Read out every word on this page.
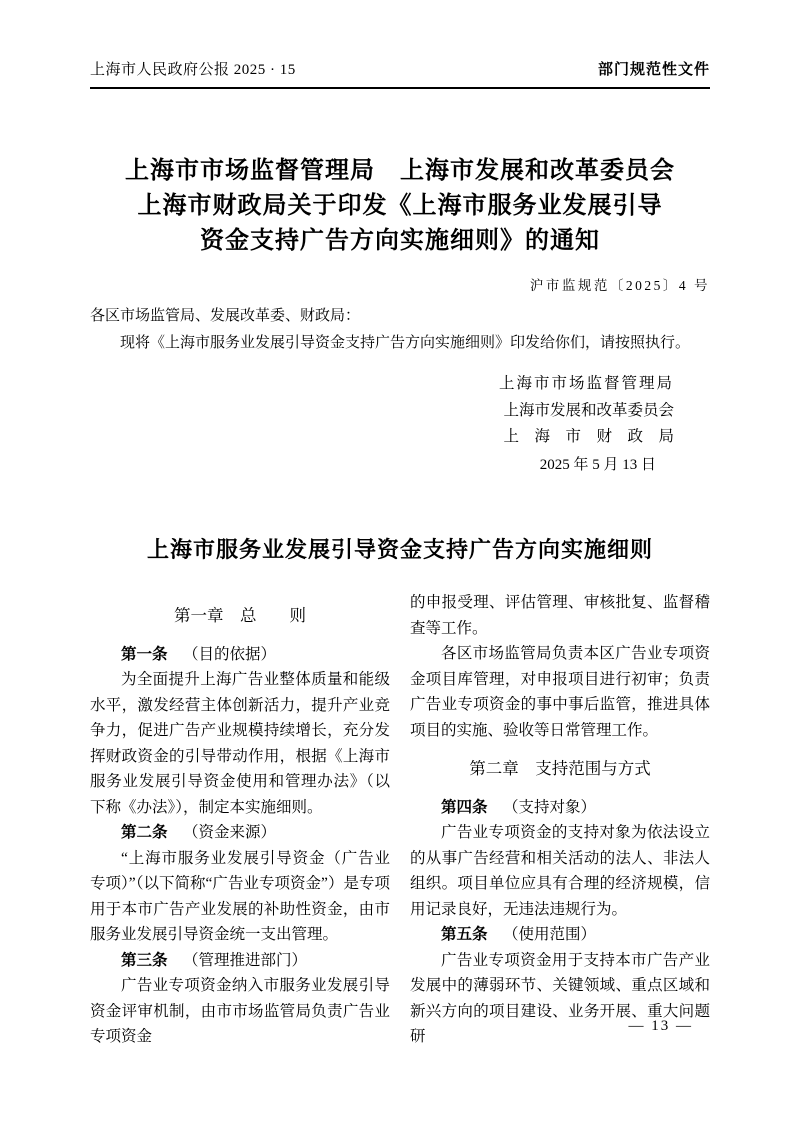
上海市人民政府公报 2025 · 15	部门规范性文件
上海市市场监督管理局　上海市发展和改革委员会
上海市财政局关于印发《上海市服务业发展引导
资金支持广告方向实施细则》的通知
沪市监规范〔2025〕4 号
各区市场监管局、发展改革委、财政局：

现将《上海市服务业发展引导资金支持广告方向实施细则》印发给你们，请按照执行。

上海市市场监督管理局
上海市发展和改革委员会
上　海　市　财　政　局
2025 年 5 月 13 日
上海市服务业发展引导资金支持广告方向实施细则
第一章　总　　则

第一条 （目的依据）

为全面提升上海广告业整体质量和能级水平，激发经营主体创新活力，提升产业竞争力，促进广告产业规模持续增长，充分发挥财政资金的引导带动作用，根据《上海市服务业发展引导资金使用和管理办法》（以下称《办法》），制定本实施细则。

第二条 （资金来源）

“上海市服务业发展引导资金（广告业专项）”（以下简称“广告业专项资金”）是专项用于本市广告产业发展的补助性资金，由市服务业发展引导资金统一支出管理。

第三条 （管理推进部门）

广告业专项资金纳入市服务业发展引导资金评审机制，由市市场监管局负责广告业专项资金

的申报受理、评估管理、审核批复、监督稽查等工作。

各区市场监管局负责本区广告业专项资金项目库管理，对申报项目进行初审；负责广告业专项资金的事中事后监管，推进具体项目的实施、验收等日常管理工作。

第二章　支持范围与方式

第四条 （支持对象）

广告业专项资金的支持对象为依法设立的从事广告经营和相关活动的法人、非法人组织。项目单位应具有合理的经济规模，信用记录良好，无违法违规行为。

第五条 （使用范围）

广告业专项资金用于支持本市广告产业发展中的薄弱环节、关键领域、重点区域和新兴方向的项目建设、业务开展、重大问题研

— 13 —
